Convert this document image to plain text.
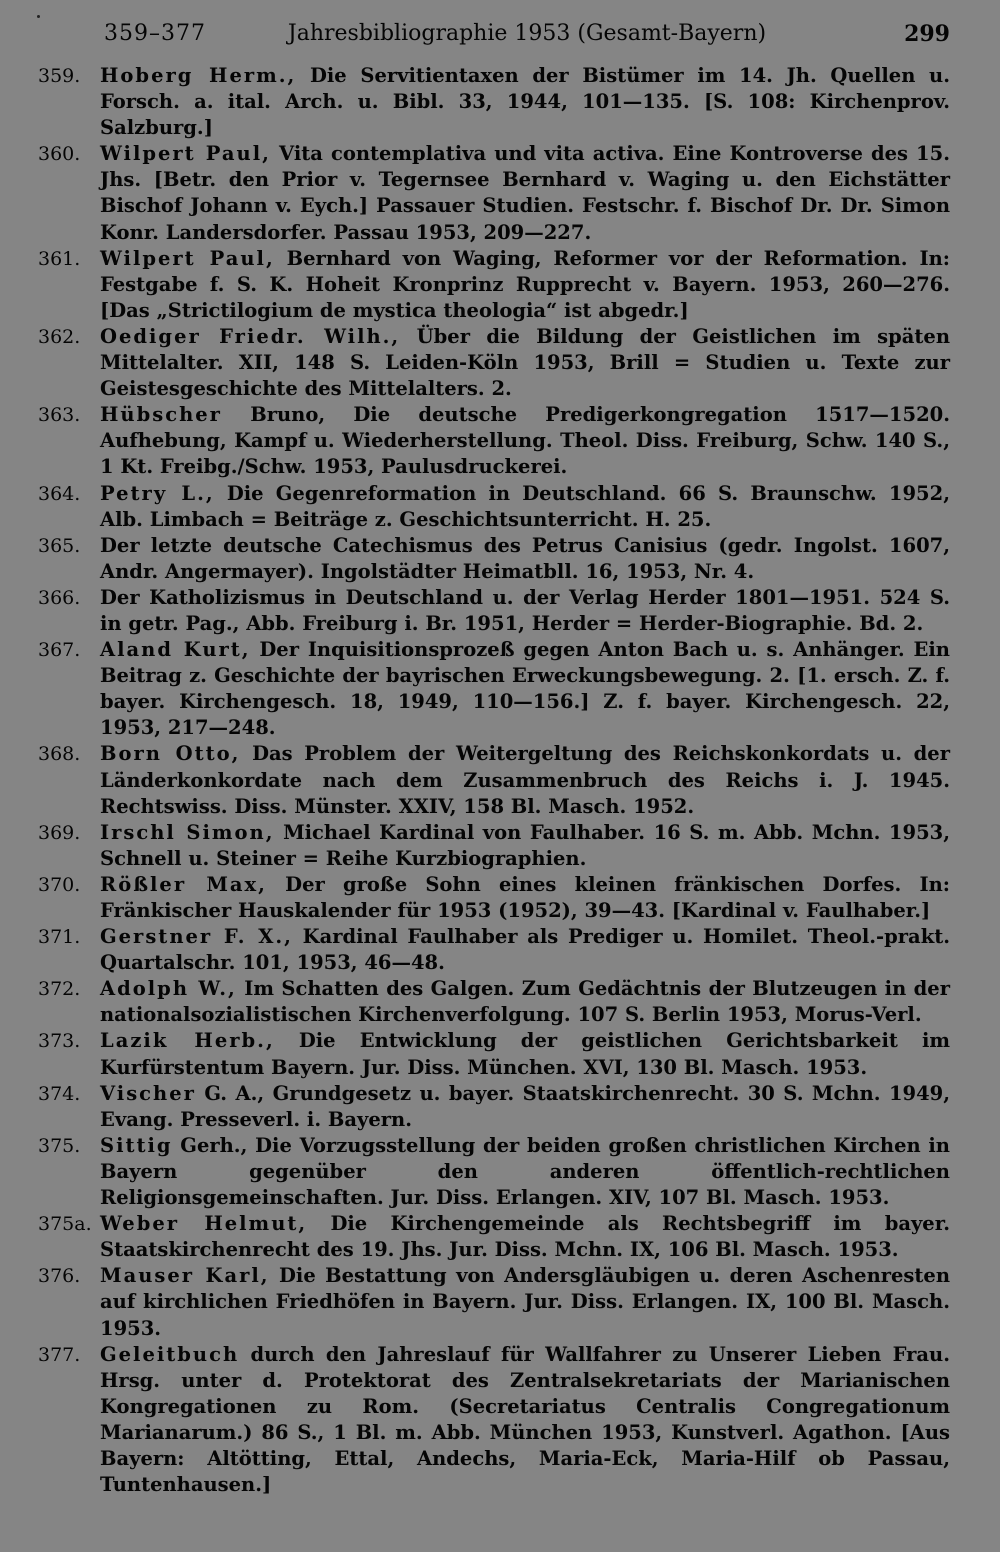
359–377	Jahresbibliographie 1953 (Gesamt-Bayern)	299

359.	Hoberg Herm., Die Servitientaxen der Bistümer im 14. Jh. Quellen u. Forsch. a. ital. Arch. u. Bibl. 33, 1944, 101—135. [S. 108: Kirchenprov. Salzburg.]

360.	Wilpert Paul, Vita contemplativa und vita activa. Eine Kontroverse des 15. Jhs. [Betr. den Prior v. Tegernsee Bernhard v. Waging u. den Eichstätter Bischof Johann v. Eych.] Passauer Studien. Festschr. f. Bischof Dr. Dr. Simon Konr. Landersdorfer. Passau 1953, 209—227.

361.	Wilpert Paul, Bernhard von Waging, Reformer vor der Reformation. In: Festgabe f. S. K. Hoheit Kronprinz Rupprecht v. Bayern. 1953, 260—276. [Das „Strictilogium de mystica theologia“ ist abgedr.]

362.	Oediger Friedr. Wilh., Über die Bildung der Geistlichen im späten Mittelalter. XII, 148 S. Leiden-Köln 1953, Brill = Studien u. Texte zur Geistesgeschichte des Mittelalters. 2.

363.	Hübscher Bruno, Die deutsche Predigerkongregation 1517—1520. Aufhebung, Kampf u. Wiederherstellung. Theol. Diss. Freiburg, Schw. 140 S., 1 Kt. Freibg./Schw. 1953, Paulusdruckerei.

364.	Petry L., Die Gegenreformation in Deutschland. 66 S. Braunschw. 1952, Alb. Limbach = Beiträge z. Geschichtsunterricht. H. 25.

365.	Der letzte deutsche Catechismus des Petrus Canisius (gedr. Ingolst. 1607, Andr. Angermayer). Ingolstädter Heimatbll. 16, 1953, Nr. 4.

366.	Der Katholizismus in Deutschland u. der Verlag Herder 1801—1951. 524 S. in getr. Pag., Abb. Freiburg i. Br. 1951, Herder = Herder-Biographie. Bd. 2.

367.	Aland Kurt, Der Inquisitionsprozeß gegen Anton Bach u. s. Anhänger. Ein Beitrag z. Geschichte der bayrischen Erweckungsbewegung. 2. [1. ersch. Z. f. bayer. Kirchengesch. 18, 1949, 110—156.] Z. f. bayer. Kirchengesch. 22, 1953, 217—248.

368.	Born Otto, Das Problem der Weitergeltung des Reichskonkordats u. der Länderkonkordate nach dem Zusammenbruch des Reichs i. J. 1945. Rechtswiss. Diss. Münster. XXIV, 158 Bl. Masch. 1952.

369.	Irschl Simon, Michael Kardinal von Faulhaber. 16 S. m. Abb. Mchn. 1953, Schnell u. Steiner = Reihe Kurzbiographien.

370.	Rößler Max, Der große Sohn eines kleinen fränkischen Dorfes. In: Fränkischer Hauskalender für 1953 (1952), 39—43. [Kardinal v. Faulhaber.]

371.	Gerstner F. X., Kardinal Faulhaber als Prediger u. Homilet. Theol.-prakt. Quartalschr. 101, 1953, 46—48.

372.	Adolph W., Im Schatten des Galgen. Zum Gedächtnis der Blutzeugen in der nationalsozialistischen Kirchenverfolgung. 107 S. Berlin 1953, Morus-Verl.

373.	Lazik Herb., Die Entwicklung der geistlichen Gerichtsbarkeit im Kurfürstentum Bayern. Jur. Diss. München. XVI, 130 Bl. Masch. 1953.

374.	Vischer G. A., Grundgesetz u. bayer. Staatskirchenrecht. 30 S. Mchn. 1949, Evang. Presseverl. i. Bayern.

375.	Sittig Gerh., Die Vorzugsstellung der beiden großen christlichen Kirchen in Bayern gegenüber den anderen öffentlich-rechtlichen Religionsgemeinschaften. Jur. Diss. Erlangen. XIV, 107 Bl. Masch. 1953.

375a. Weber Helmut, Die Kirchengemeinde als Rechtsbegriff im bayer. Staatskirchenrecht des 19. Jhs. Jur. Diss. Mchn. IX, 106 Bl. Masch. 1953.

376.	Mauser Karl, Die Bestattung von Andersgläubigen u. deren Aschenresten auf kirchlichen Friedhöfen in Bayern. Jur. Diss. Erlangen. IX, 100 Bl. Masch. 1953.

377.	Geleitbuch durch den Jahreslauf für Wallfahrer zu Unserer Lieben Frau. Hrsg. unter d. Protektorat des Zentralsekretariats der Marianischen Kongregationen zu Rom. (Secretariatus Centralis Congregationum Marianarum.) 86 S., 1 Bl. m. Abb. München 1953, Kunstverl. Agathon. [Aus Bayern: Altötting, Ettal, Andechs, Maria-Eck, Maria-Hilf ob Passau, Tuntenhausen.]
